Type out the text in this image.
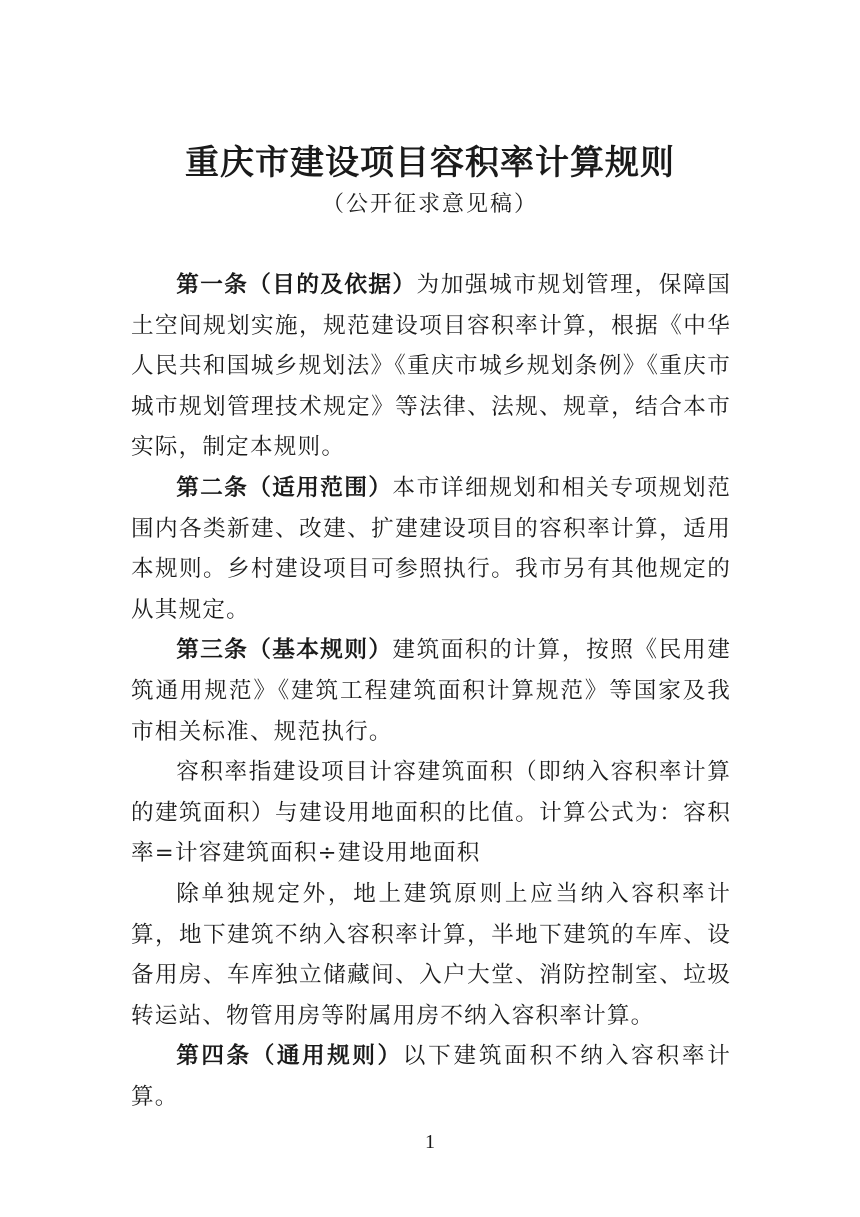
重庆市建设项目容积率计算规则
（公开征求意见稿）

第一条（目的及依据）为加强城市规划管理，保障国土空间规划实施，规范建设项目容积率计算，根据《中华人民共和国城乡规划法》《重庆市城乡规划条例》《重庆市城市规划管理技术规定》等法律、法规、规章，结合本市实际，制定本规则。

第二条（适用范围）本市详细规划和相关专项规划范围内各类新建、改建、扩建建设项目的容积率计算，适用本规则。乡村建设项目可参照执行。我市另有其他规定的从其规定。

第三条（基本规则）建筑面积的计算，按照《民用建筑通用规范》《建筑工程建筑面积计算规范》等国家及我市相关标准、规范执行。

容积率指建设项目计容建筑面积（即纳入容积率计算的建筑面积）与建设用地面积的比值。计算公式为：容积率=计容建筑面积÷建设用地面积

除单独规定外，地上建筑原则上应当纳入容积率计算，地下建筑不纳入容积率计算，半地下建筑的车库、设备用房、车库独立储藏间、入户大堂、消防控制室、垃圾转运站、物管用房等附属用房不纳入容积率计算。

第四条（通用规则）以下建筑面积不纳入容积率计算。

1
